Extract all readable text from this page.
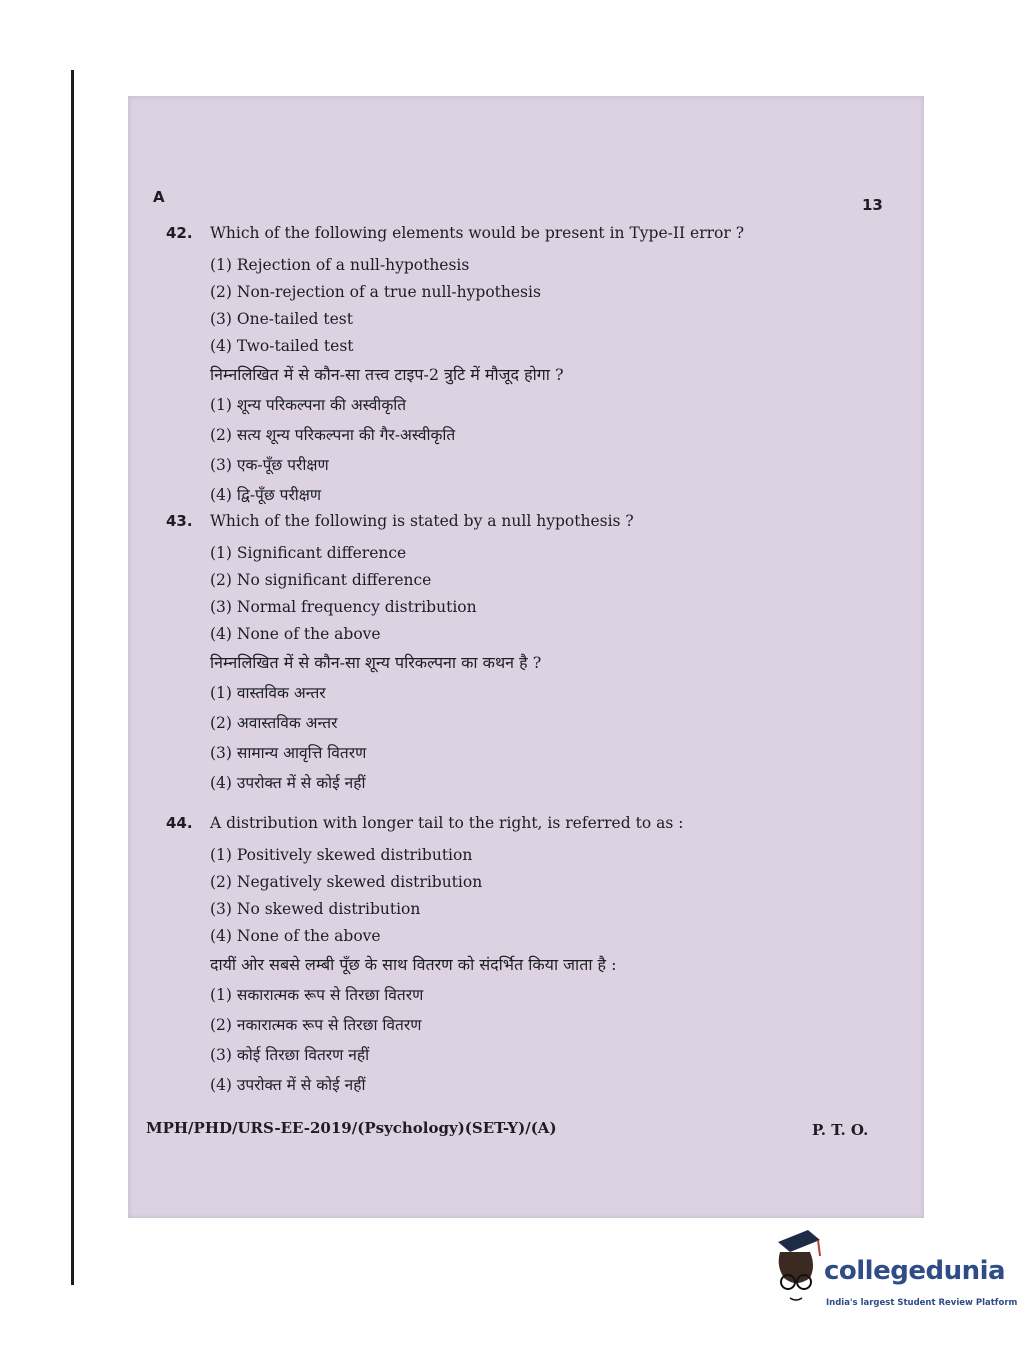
A	13
42. Which of the following elements would be present in Type-II error ?
(1) Rejection of a null-hypothesis
(2) Non-rejection of a true null-hypothesis
(3) One-tailed test
(4) Two-tailed test
निम्नलिखित में से कौन-सा तत्त्व टाइप-2 त्रुटि में मौजूद होगा ?
(1) शून्य परिकल्पना की अस्वीकृति
(2) सत्य शून्य परिकल्पना की गैर-अस्वीकृति
(3) एक-पूँछ परीक्षण
(4) द्वि-पूँछ परीक्षण
43. Which of the following is stated by a null hypothesis ?
(1) Significant difference
(2) No significant difference
(3) Normal frequency distribution
(4) None of the above
निम्नलिखित में से कौन-सा शून्य परिकल्पना का कथन है ?
(1) वास्तविक अन्तर
(2) अवास्तविक अन्तर
(3) सामान्य आवृत्ति वितरण
(4) उपरोक्त में से कोई नहीं
44. A distribution with longer tail to the right, is referred to as :
(1) Positively skewed distribution
(2) Negatively skewed distribution
(3) No skewed distribution
(4) None of the above
दायीं ओर सबसे लम्बी पूँछ के साथ वितरण को संदर्भित किया जाता है :
(1) सकारात्मक रूप से तिरछा वितरण
(2) नकारात्मक रूप से तिरछा वितरण
(3) कोई तिरछा वितरण नहीं
(4) उपरोक्त में से कोई नहीं
MPH/PHD/URS-EE-2019/(Psychology)(SET-Y)/(A)	P. T. O.
collegedunia
India's largest Student Review Platform
